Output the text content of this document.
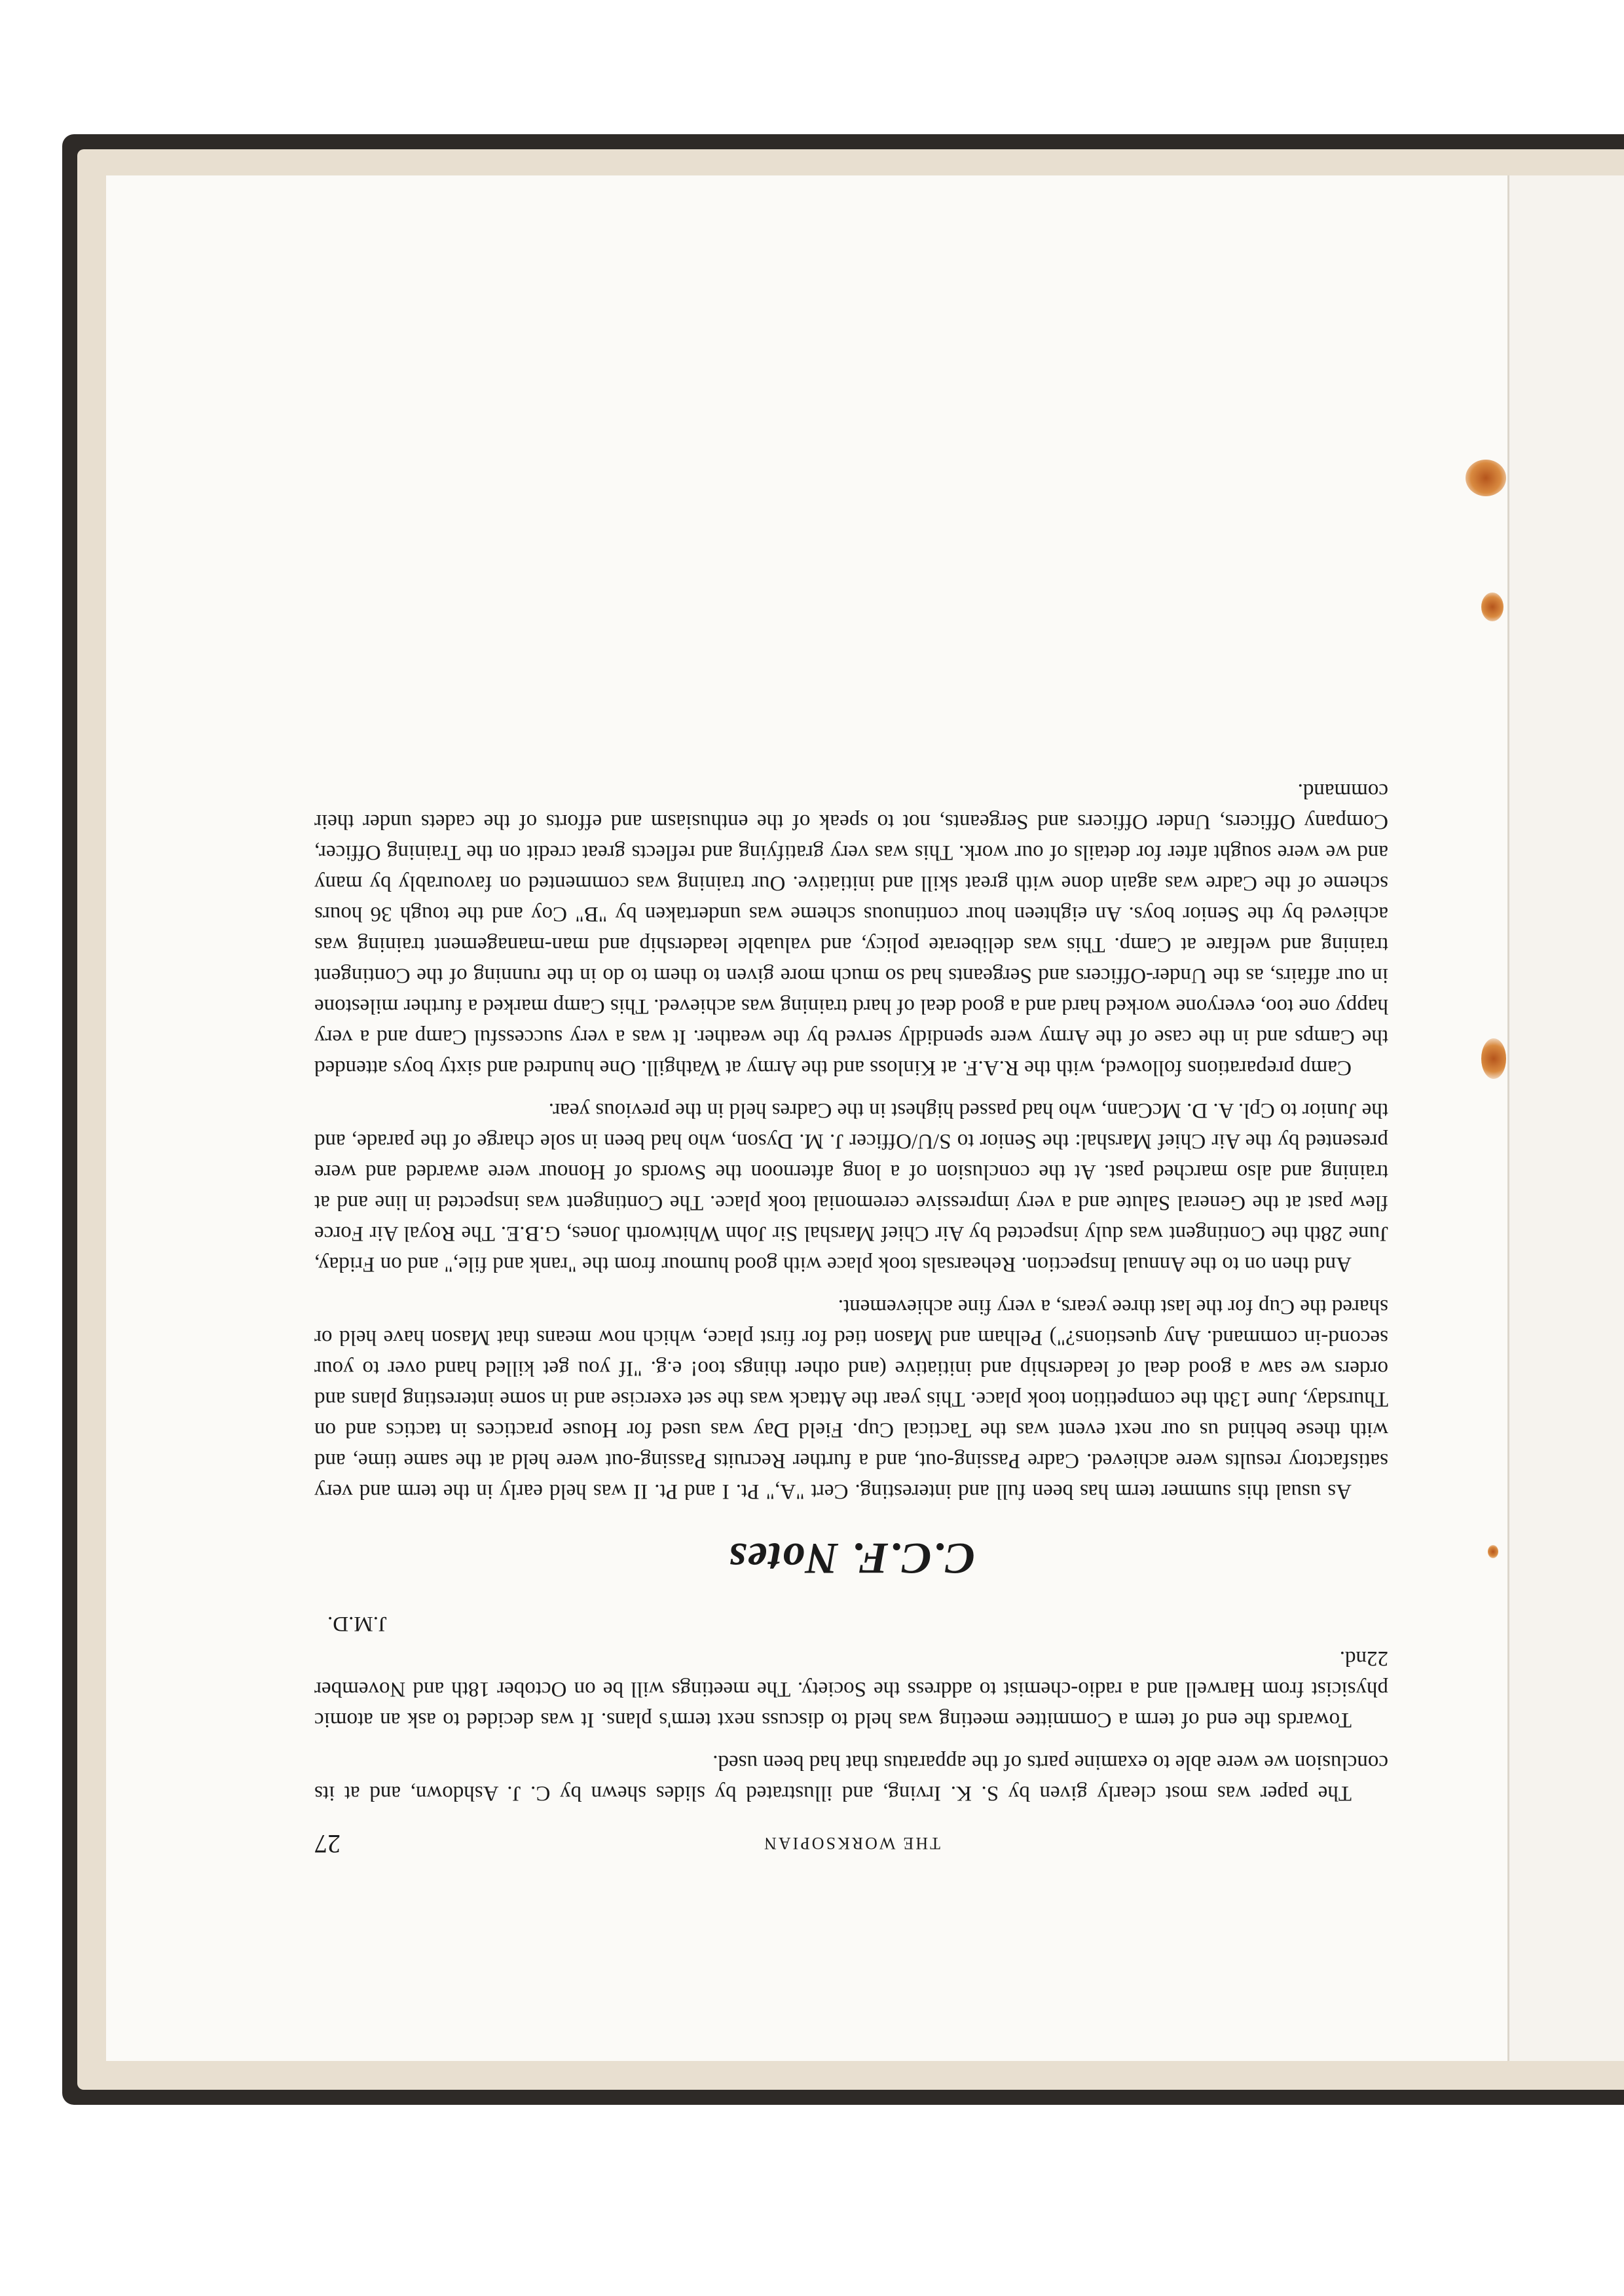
THE WORKSOPIAN
27

The paper was most clearly given by S. K. Irving, and illustrated by slides shewn by C. J. Ashdown, and at its conclusion we were able to examine parts of the apparatus that had been used.

Towards the end of term a Committee meeting was held to discuss next term's plans. It was decided to ask an atomic physicist from Harwell and a radio-chemist to address the Society. The meetings will be on October 18th and November 22nd.

J.M.D.
C.C.F. Notes

As usual this summer term has been full and interesting. Cert "A," Pt. I and Pt. II was held early in the term and very satisfactory results were achieved. Cadre Passing-out, and a further Recruits Passing-out were held at the same time, and with these behind us our next event was the Tactical Cup. Field Day was used for House practices in tactics and on Thursday, June 13th the competition took place. This year the Attack was the set exercise and in some interesting plans and orders we saw a good deal of leadership and initiative (and other things too! e.g. "If you get killed hand over to your second-in command. Any questions?") Pelham and Mason tied for first place, which now means that Mason have held or shared the Cup for the last three years, a very fine achievement.

And then on to the Annual Inspection. Rehearsals took place with good humour from the "rank and file," and on Friday, June 28th the Contingent was duly inspected by Air Chief Marshal Sir John Whitworth Jones, G.B.E. The Royal Air Force flew past at the General Salute and a very impressive ceremonial took place. The Contingent was inspected in line and at training and also marched past. At the conclusion of a long afternoon the Swords of Honour were awarded and were presented by the Air Chief Marshal: the Senior to S/U/Officer J. M. Dyson, who had been in sole charge of the parade, and the Junior to Cpl. A. D. McCann, who had passed highest in the Cadres held in the previous year.

Camp preparations followed, with the R.A.F. at Kinloss and the Army at Wathgill. One hundred and sixty boys attended the Camps and in the case of the Army were spendidly served by the weather. It was a very successful Camp and a very happy one too, everyone worked hard and a good deal of hard training was achieved. This Camp marked a further milestone in our affairs, as the Under-Officers and Sergeants had so much more given to them to do in the running of the Contingent training and welfare at Camp. This was deliberate policy, and valuable leadership and man-management training was achieved by the Senior boys. An eighteen hour continuous scheme was undertaken by "B" Coy and the tough 36 hours scheme of the Cadre was again done with great skill and initiative. Our training was commented on favourably by many and we were sought after for details of our work. This was very gratifying and reflects great credit on the Training Officer, Company Officers, Under Officers and Sergeants, not to speak of the enthusiasm and efforts of the cadets under their command.
